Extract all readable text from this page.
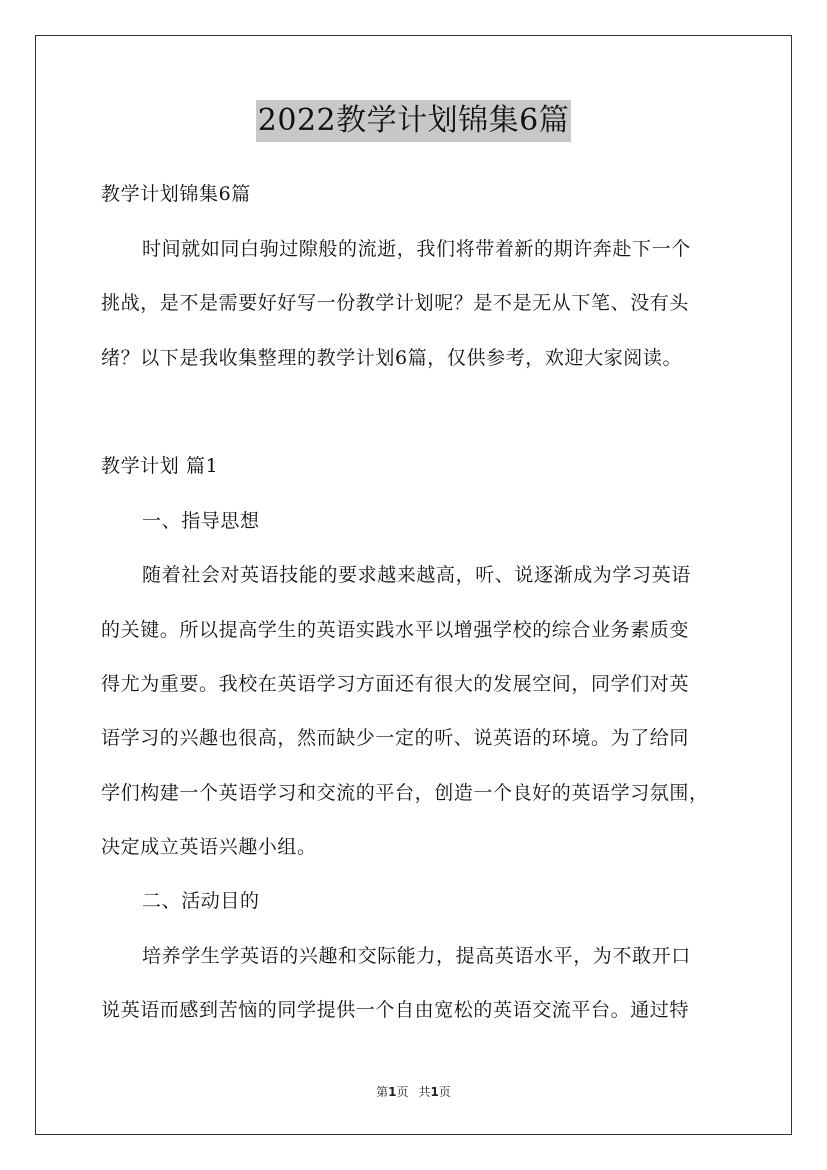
2022教学计划锦集6篇
教学计划锦集6篇
时间就如同白驹过隙般的流逝，我们将带着新的期许奔赴下一个
挑战，是不是需要好好写一份教学计划呢？是不是无从下笔、没有头
绪？以下是我收集整理的教学计划6篇，仅供参考，欢迎大家阅读。
教学计划 篇1
一、指导思想
随着社会对英语技能的要求越来越高，听、说逐渐成为学习英语
的关键。所以提高学生的英语实践水平以增强学校的综合业务素质变
得尤为重要。我校在英语学习方面还有很大的发展空间，同学们对英
语学习的兴趣也很高，然而缺少一定的听、说英语的环境。为了给同
学们构建一个英语学习和交流的平台，创造一个良好的英语学习氛围，
决定成立英语兴趣小组。
二、活动目的
培养学生学英语的兴趣和交际能力，提高英语水平，为不敢开口
说英语而感到苦恼的同学提供一个自由宽松的英语交流平台。通过特
第1页 共1页
